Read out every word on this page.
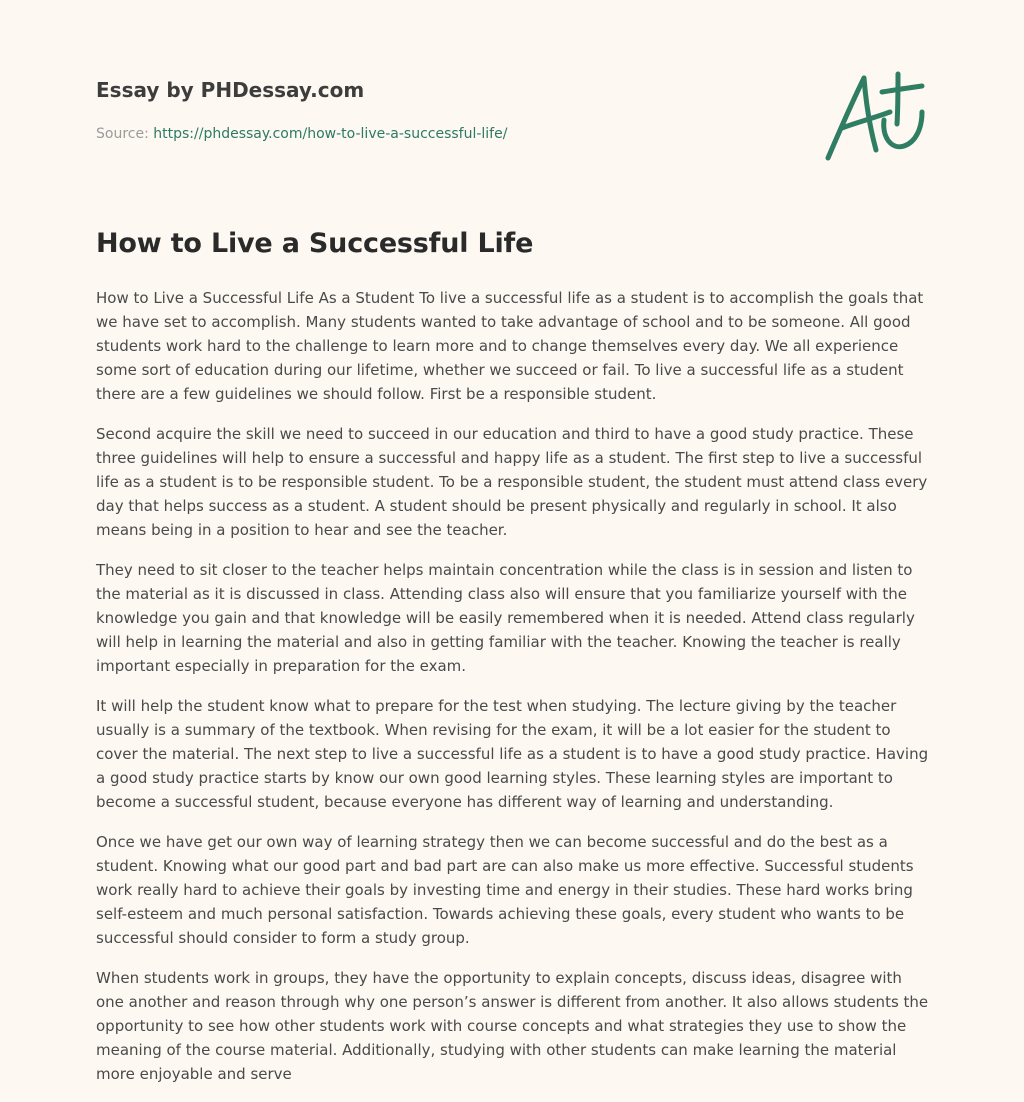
Essay by PHDessay.com
Source: https://phdessay.com/how-to-live-a-successful-life/
How to Live a Successful Life

How to Live a Successful Life As a Student To live a successful life as a student is to accomplish the goals that we have set to accomplish. Many students wanted to take advantage of school and to be someone. All good students work hard to the challenge to learn more and to change themselves every day. We all experience some sort of education during our lifetime, whether we succeed or fail. To live a successful life as a student there are a few guidelines we should follow. First be a responsible student.

Second acquire the skill we need to succeed in our education and third to have a good study practice. These three guidelines will help to ensure a successful and happy life as a student. The first step to live a successful life as a student is to be responsible student. To be a responsible student, the student must attend class every day that helps success as a student. A student should be present physically and regularly in school. It also means being in a position to hear and see the teacher.

They need to sit closer to the teacher helps maintain concentration while the class is in session and listen to the material as it is discussed in class. Attending class also will ensure that you familiarize yourself with the knowledge you gain and that knowledge will be easily remembered when it is needed. Attend class regularly will help in learning the material and also in getting familiar with the teacher. Knowing the teacher is really important especially in preparation for the exam.

It will help the student know what to prepare for the test when studying. The lecture giving by the teacher usually is a summary of the textbook. When revising for the exam, it will be a lot easier for the student to cover the material. The next step to live a successful life as a student is to have a good study practice. Having a good study practice starts by know our own good learning styles. These learning styles are important to become a successful student, because everyone has different way of learning and understanding.

Once we have get our own way of learning strategy then we can become successful and do the best as a student. Knowing what our good part and bad part are can also make us more effective. Successful students work really hard to achieve their goals by investing time and energy in their studies. These hard works bring self-esteem and much personal satisfaction. Towards achieving these goals, every student who wants to be successful should consider to form a study group.

When students work in groups, they have the opportunity to explain concepts, discuss ideas, disagree with one another and reason through why one person’s answer is different from another. It also allows students the opportunity to see how other students work with course concepts and what strategies they use to show the meaning of the course material. Additionally, studying with other students can make learning the material more enjoyable and serve
